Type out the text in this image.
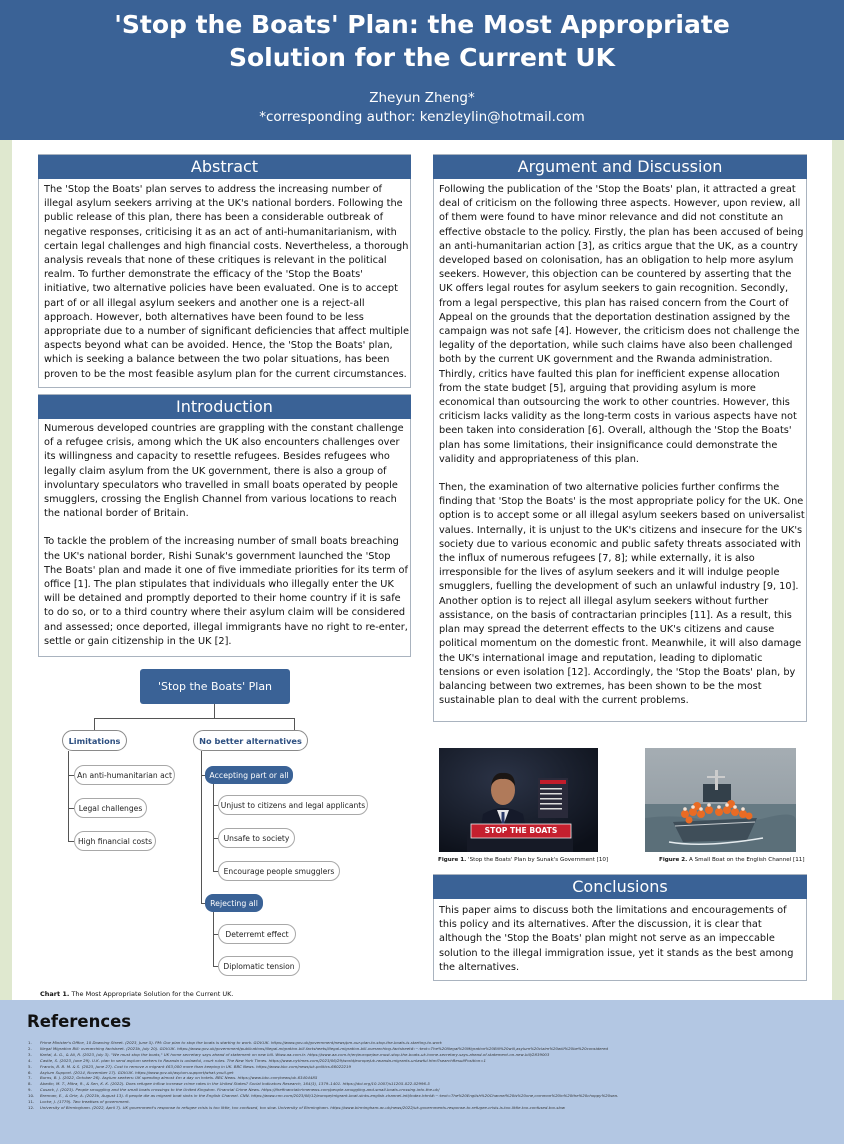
'Stop the Boats' Plan: the Most Appropriate
Solution for the Current UK
Zheyun Zheng*
*corresponding author: kenzleylin@hotmail.com
Abstract

The 'Stop the Boats' plan serves to address the increasing number of illegal asylum seekers arriving at the UK's national borders. Following the public release of this plan, there has been a considerable outbreak of negative responses, criticising it as an act of anti-humanitarianism, with certain legal challenges and high financial costs. Nevertheless, a thorough analysis reveals that none of these critiques is relevant in the political realm. To further demonstrate the efficacy of the 'Stop the Boats' initiative, two alternative policies have been evaluated. One is to accept part of or all illegal asylum seekers and another one is a reject-all approach. However, both alternatives have been found to be less appropriate due to a number of significant deficiencies that affect multiple aspects beyond what can be avoided. Hence, the 'Stop the Boats' plan, which is seeking a balance between the two polar situations, has been proven to be the most feasible asylum plan for the current circumstances.

Introduction

Numerous developed countries are grappling with the constant challenge of a refugee crisis, among which the UK also encounters challenges over its willingness and capacity to resettle refugees. Besides refugees who legally claim asylum from the UK government, there is also a group of involuntary speculators who travelled in small boats operated by people smugglers, crossing the English Channel from various locations to reach the national border of Britain.

To tackle the problem of the increasing number of small boats breaching the UK's national border, Rishi Sunak's government launched the 'Stop The Boats' plan and made it one of five immediate priorities for its term of office [1]. The plan stipulates that individuals who illegally enter the UK will be detained and promptly deported to their home country if it is safe to do so, or to a third country where their asylum claim will be considered and assessed; once deported, illegal immigrants have no right to re-enter, settle or gain citizenship in the UK [2].

'Stop the Boats' Plan
Limitations	No better alternatives
An anti-humanitarian act
Legal challenges
High financial costs
Accepting part or all
Unjust to citizens and legal applicants
Unsafe to society
Encourage people smugglers
Rejecting all
Deterremt effect
Diplomatic tension
Chart 1. The Most Appropriate Solution for the Current UK.
Argument and Discussion

Following the publication of the 'Stop the Boats' plan, it attracted a great deal of criticism on the following three aspects. However, upon review, all of them were found to have minor relevance and did not constitute an effective obstacle to the policy. Firstly, the plan has been accused of being an anti-humanitarian action [3], as critics argue that the UK, as a country developed based on colonisation, has an obligation to help more asylum seekers. However, this objection can be countered by asserting that the UK offers legal routes for asylum seekers to gain recognition. Secondly, from a legal perspective, this plan has raised concern from the Court of Appeal on the grounds that the deportation destination assigned by the campaign was not safe [4]. However, the criticism does not challenge the legality of the deportation, while such claims have also been challenged both by the current UK government and the Rwanda administration. Thirdly, critics have faulted this plan for inefficient expense allocation from the state budget [5], arguing that providing asylum is more economical than outsourcing the work to other countries. However, this criticism lacks validity as the long-term costs in various aspects have not been taken into consideration [6]. Overall, although the 'Stop the Boats' plan has some limitations, their insignificance could demonstrate the validity and appropriateness of this plan.

Then, the examination of two alternative policies further confirms the finding that 'Stop the Boats' is the most appropriate policy for the UK. One option is to accept some or all illegal asylum seekers based on universalist values. Internally, it is unjust to the UK's citizens and insecure for the UK's society due to various economic and public safety threats associated with the influx of numerous refugees [7, 8]; while externally, it is also irresponsible for the lives of asylum seekers and it will indulge people smugglers, fuelling the development of such an unlawful industry [9, 10]. Another option is to reject all illegal asylum seekers without further assistance, on the basis of contractarian principles [11]. As a result, this plan may spread the deterrent effects to the UK's citizens and cause political momentum on the domestic front. Meanwhile, it will also damage the UK's international image and reputation, leading to diplomatic tensions or even isolation [12]. Accordingly, the 'Stop the Boats' plan, by balancing between two extremes, has been shown to be the most sustainable plan to deal with the current problems.

STOP THE BOATS
Figure 1. 'Stop the Boats' Plan by Sunak's Government [10]	Figure 2. A Small Boat on the English Channel [11]
Conclusions

This paper aims to discuss both the limitations and encouragements of this policy and its alternatives. After the discussion, it is clear that although the 'Stop the Boats' plan might not serve as an impeccable solution to the illegal immigration issue, yet it stands as the best among the alternatives.

References
1. Prime Minister's Office, 10 Downing Street. (2023, June 5). PM: Our plan to stop the boats is starting to work. GOV.UK. https://www.gov.uk/government/news/pm-our-plan-to-stop-the-boats-is-starting-to-work
2. Illegal Migration Bill: overarching factsheet. (2023b, July 20). GOV.UK. https://www.gov.uk/government/publications/illegal-migration-bill-factsheets/illegal-migration-bill-overarching-factsheet#:~:text=The%20Illegal%20Migration%20Bill%20will,asylum%20claim%20will%20be%20considered
3. Kartal, A. G., & Ali, R. (2023, July 3). "We must stop the boats," UK home secretary says ahead of statement on new bill. Www.aa.com.tr. https://www.aa.com.tr/en/europe/we-must-stop-the-boats-uk-home-secretary-says-ahead-of-statement-on-new-bill/2839003
4. Castle, S. (2023, June 29). U.K. plan to send asylum seekers to Rwanda is unlawful, court rules. The New York Times. https://www.nytimes.com/2023/06/29/world/europe/uk-rwanda-migrants-unlawful.html?searchResultPosition=1
5. Francis, B. B. M. & S. (2023, June 27). Cost to remove a migrant £63,000 more than keeping in UK. BBC News. https://www.bbc.com/news/uk-politics-66022219
6. Asylum Support. (2014, November 17). GOV.UK. https://www.gov.uk/asylum-support/what-youll-get
7. Burns, B. J. (2022, October 26). Asylum seekers: UK spending almost £m a day on hotels. BBC News. https://www.bbc.com/news/uk-63404485
8. Abedin, M. T., Mitra, R., & Sen, K. K. (2022). Does refugee inflow increase crime rates in the United States? Social Indicators Research, 164(3), 1379–1401. https://doi.org/10.1007/s11205-022-02996-5
9. Cusack, J. (2023). People smuggling and the small boats crossings to the United Kingdom. Financial Crime News. https://thefinancialcrimenews.com/people-smuggling-and-small-boats-crossing-into-the-uk/
10. Brennan, E., & Orie, A. (2023b, August 13). 6 people die as migrant boat sinks in the English Channel. CNN. https://www.cnn.com/2023/08/12/europe/migrant-boat-sinks-english-channel-intl/index.html#:~:text=The%20English%20Channel%20is%20one,common%20in%20the%20choppy%20sea.
11. Locke, J. (1779). Two treatises of government.
12. University of Birmingham. (2022, April 7). UK government's response to refugee crisis is too little, too confused, too slow. University of Birmingham. https://www.birmingham.ac.uk/news/2022/uk-governments-response-to-refugee-crisis-is-too-little-too-confused-too-slow
